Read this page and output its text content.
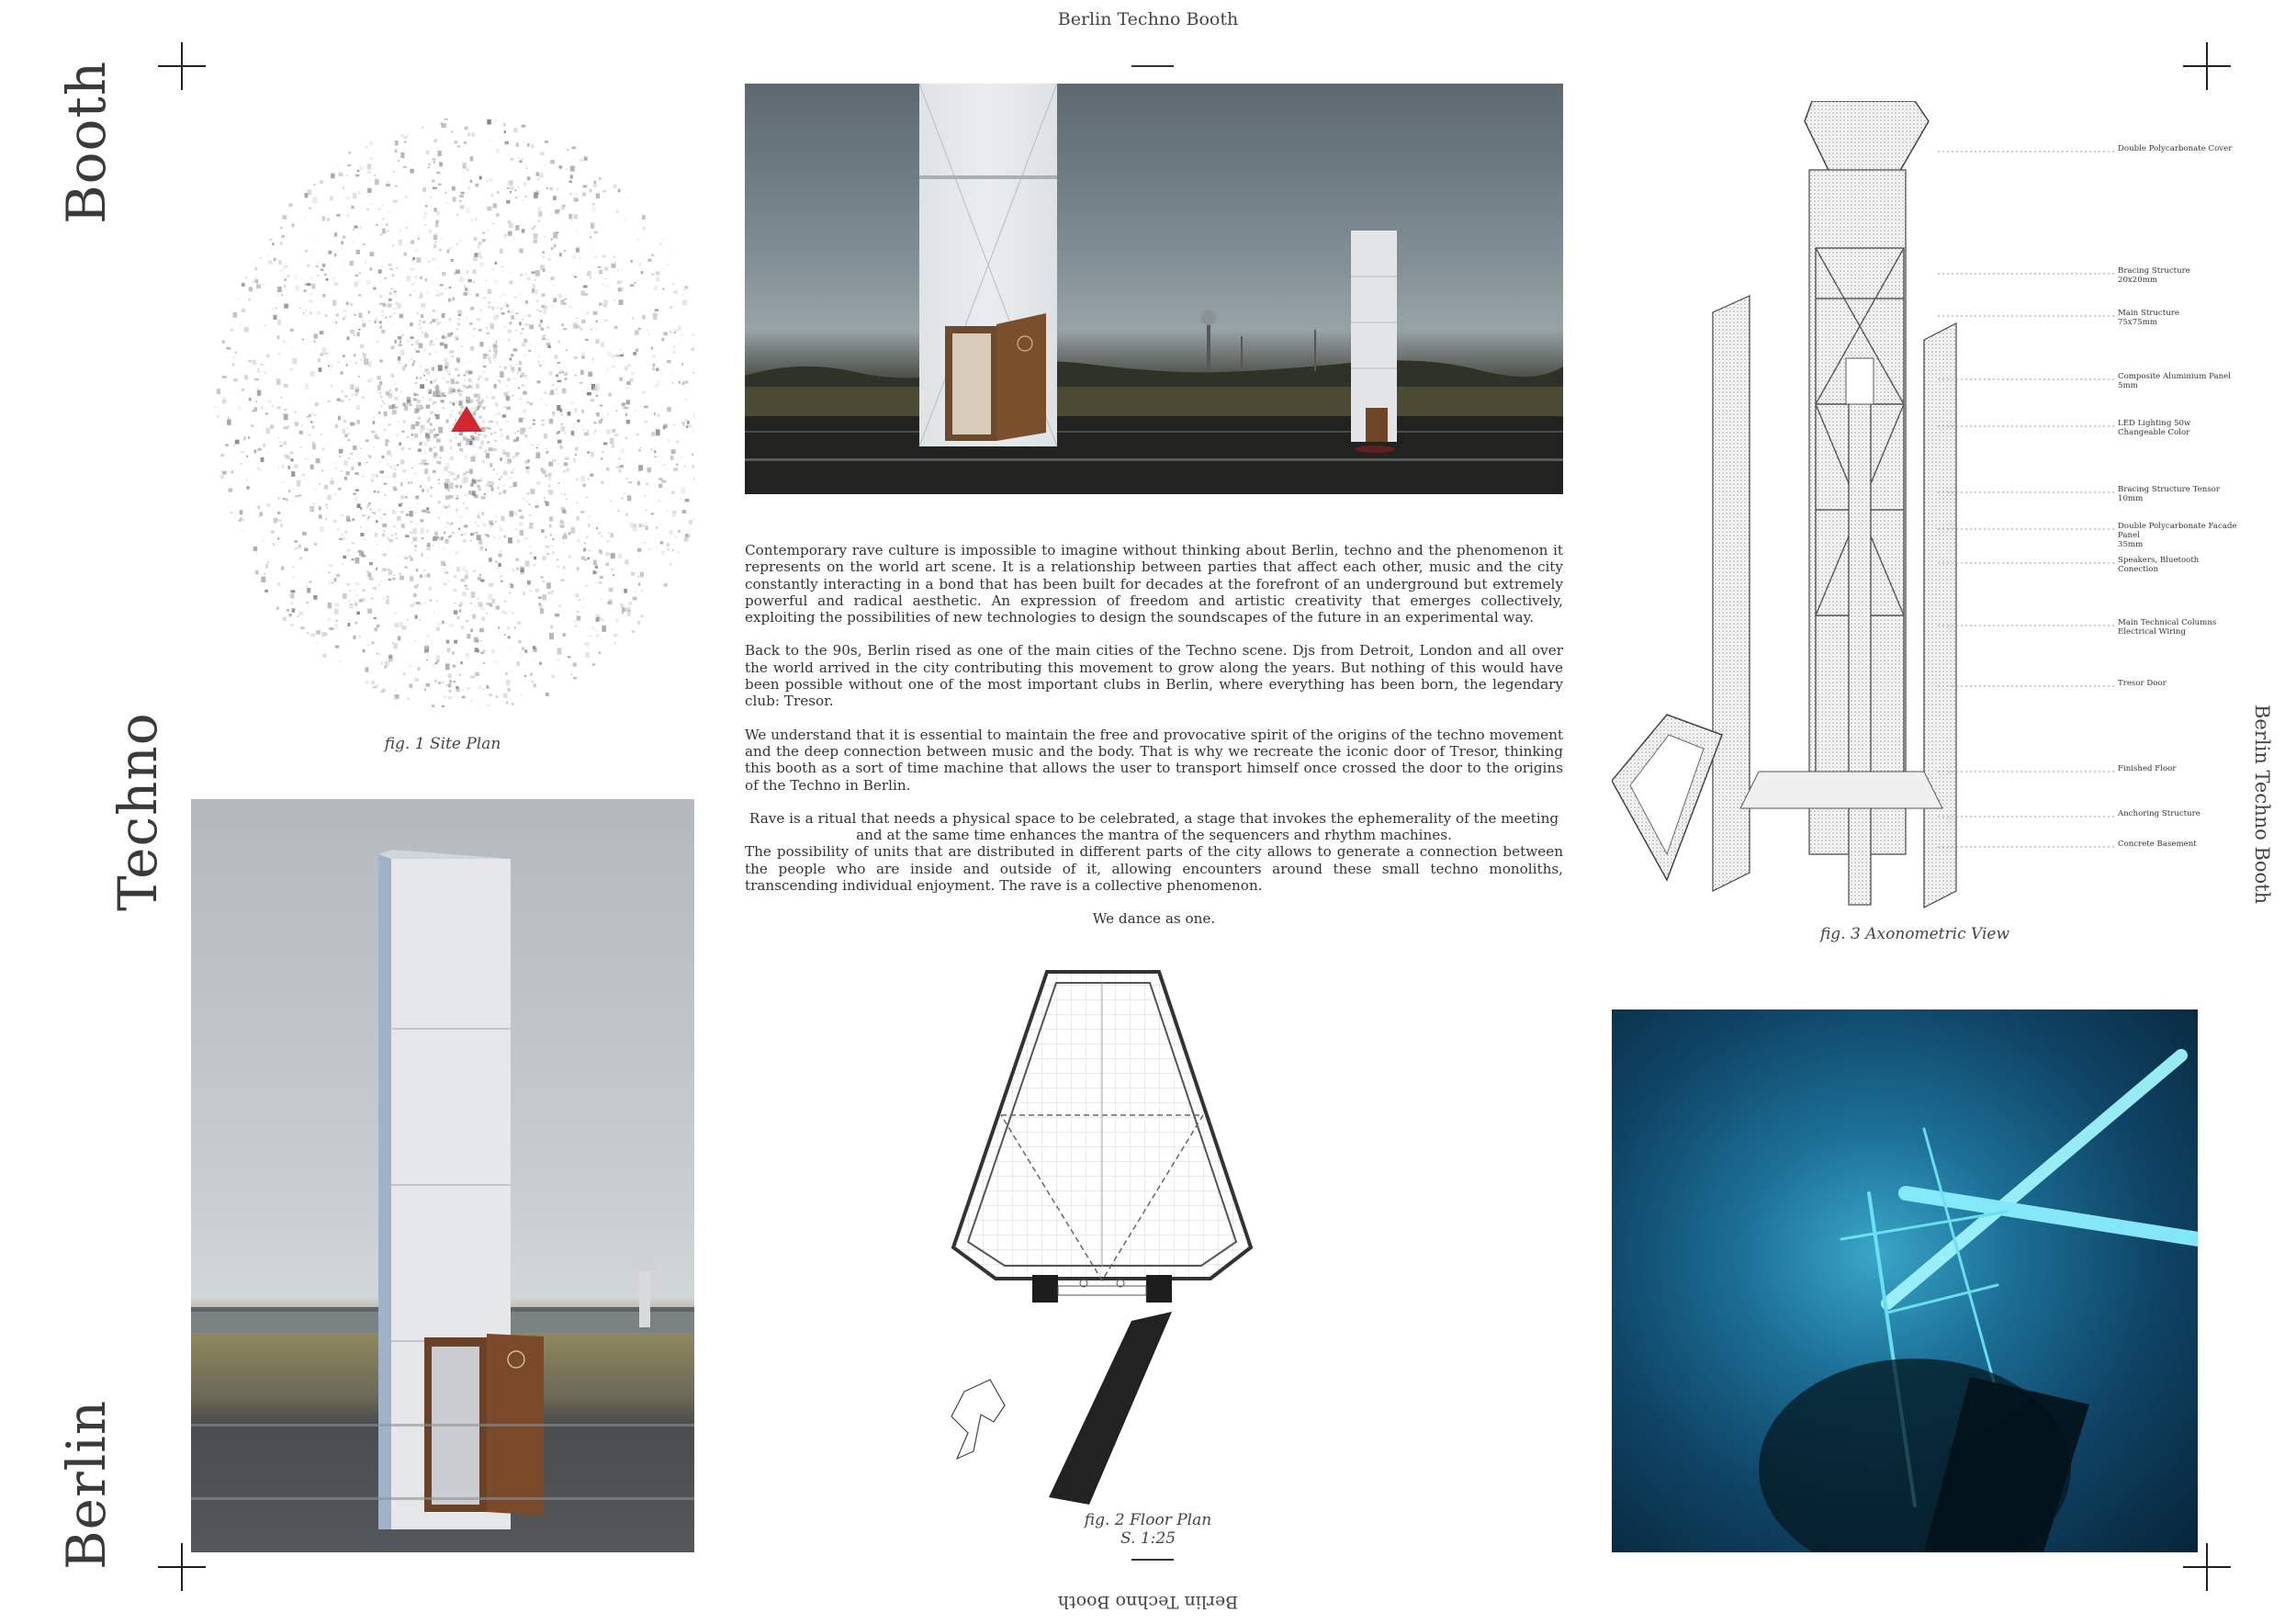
Berlin Techno Booth
Berlin Techno Booth
Berlin Techno Booth
Booth
Techno
Berlin
fig. 1 Site Plan

Contemporary rave culture is impossible to imagine without thinking about Berlin, techno and the phenomenon it represents on the world art scene. It is a relationship between parties that affect each other, music and the city constantly interacting in a bond that has been built for decades at the forefront of an underground but extremely powerful and radical aesthetic. An expression of freedom and artistic creativity that emerges collectively, exploiting the possibilities of new technologies to design the soundscapes of the future in an experimental way.

Back to the 90s, Berlin rised as one of the main cities of the Techno scene. Djs from Detroit, London and all over the world arrived in the city contributing this movement to grow along the years. But nothing of this would have been possible without one of the most important clubs in Berlin, where everything has been born, the legendary club: Tresor.

We understand that it is essential to maintain the free and provocative spirit of the origins of the techno movement and the deep connection between music and the body. That is why we recreate the iconic door of Tresor, thinking this booth as a sort of time machine that allows the user to transport himself once crossed the door to the origins of the Techno in Berlin.

Rave is a ritual that needs a physical space to be celebrated, a stage that invokes the ephemerality of the meeting and at the same time enhances the mantra of the sequencers and rhythm machines.

The possibility of units that are distributed in different parts of the city allows to generate a connection between the people who are inside and outside of it, allowing encounters around these small techno monoliths, transcending individual enjoyment. The rave is a collective phenomenon.

We dance as one.

fig. 2 Floor Plan
S. 1:25
Double Polycarbonate Cover
Bracing Structure
20x20mm
Main Structure
75x75mm
Composite Aluminium Panel
5mm
LED Lighting 50w
Changeable Color
Bracing Structure Tensor
10mm
Double Polycarbonate Facade
Panel
35mm
Speakers, Bluetooth Conection
Main Technical Columns
Electrical Wiring
Tresor Door
Finished Floor
Anchoring Structure
Concrete Basement
fig. 3 Axonometric View
